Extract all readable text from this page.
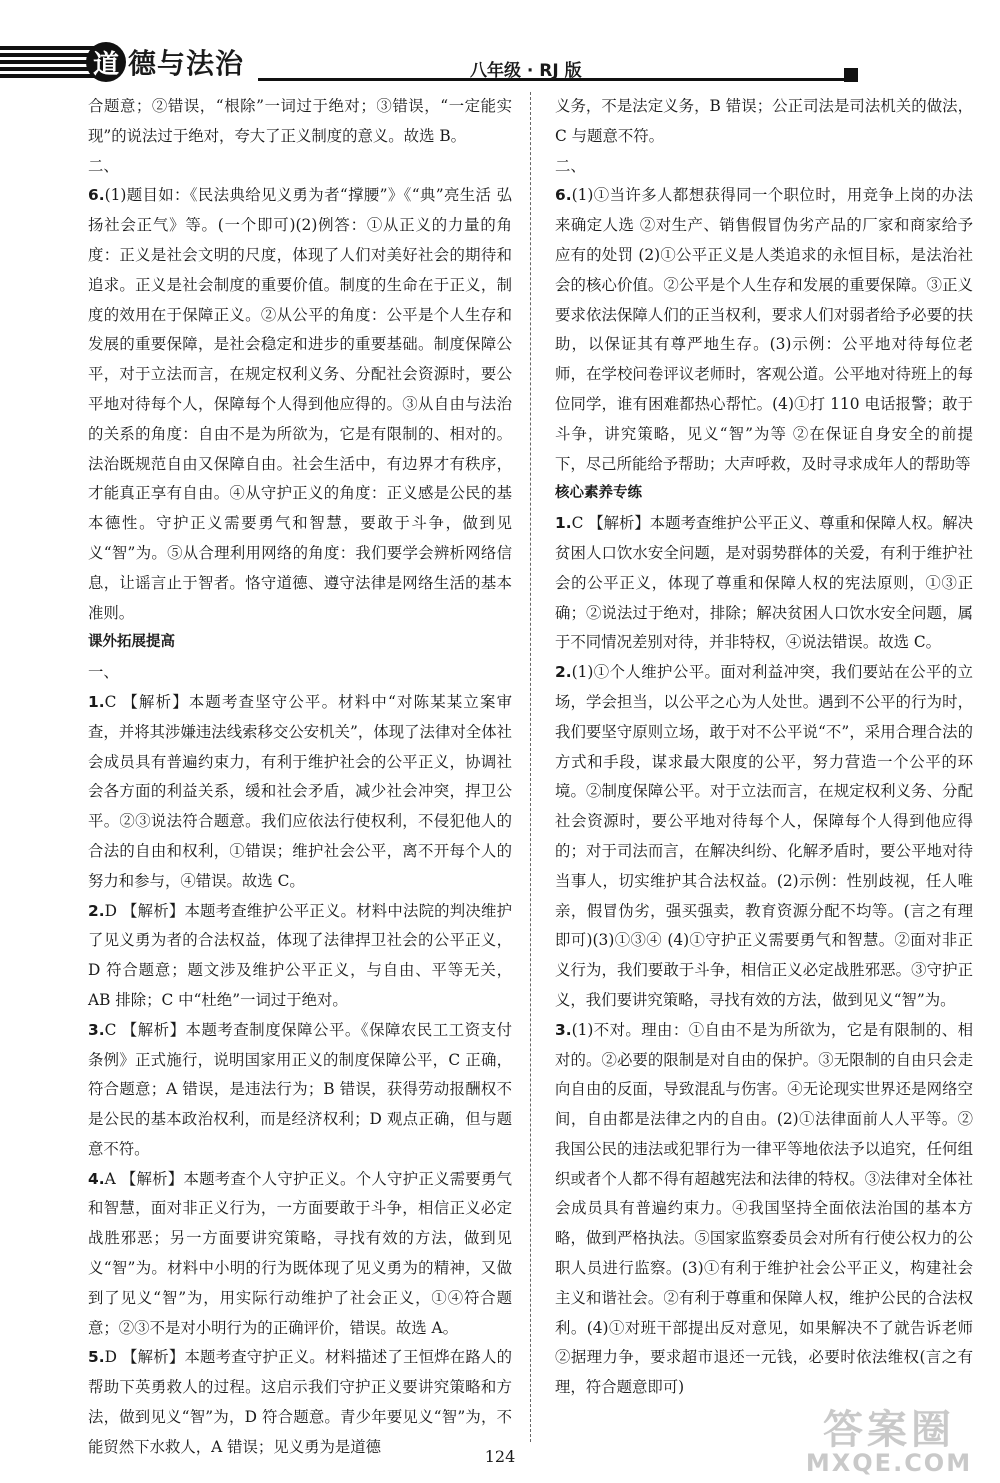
道 德与法治	八年级 · RJ 版

合题意；②错误，“根除”一词过于绝对；③错误，“一定能实现”的说法过于绝对，夸大了正义制度的意义。故选 B。

二、

6.(1)题目如：《民法典给见义勇为者“撑腰”》《“典”亮生活 弘扬社会正气》等。(一个即可)(2)例答：①从正义的力量的角度：正义是社会文明的尺度，体现了人们对美好社会的期待和追求。正义是社会制度的重要价值。制度的生命在于正义，制度的效用在于保障正义。②从公平的角度：公平是个人生存和发展的重要保障，是社会稳定和进步的重要基础。制度保障公平，对于立法而言，在规定权利义务、分配社会资源时，要公平地对待每个人，保障每个人得到他应得的。③从自由与法治的关系的角度：自由不是为所欲为，它是有限制的、相对的。法治既规范自由又保障自由。社会生活中，有边界才有秩序，才能真正享有自由。④从守护正义的角度：正义感是公民的基本德性。守护正义需要勇气和智慧，要敢于斗争，做到见义“智”为。⑤从合理利用网络的角度：我们要学会辨析网络信息，让谣言止于智者。恪守道德、遵守法律是网络生活的基本准则。

课外拓展提高

一、

1.C 【解析】本题考查坚守公平。材料中“对陈某某立案审查，并将其涉嫌违法线索移交公安机关”，体现了法律对全体社会成员具有普遍约束力，有利于维护社会的公平正义，协调社会各方面的利益关系，缓和社会矛盾，减少社会冲突，捍卫公平。②③说法符合题意。我们应依法行使权利，不侵犯他人的合法的自由和权利，①错误；维护社会公平，离不开每个人的努力和参与，④错误。故选 C。

2.D 【解析】本题考查维护公平正义。材料中法院的判决维护了见义勇为者的合法权益，体现了法律捍卫社会的公平正义，D 符合题意；题文涉及维护公平正义，与自由、平等无关，AB 排除；C 中“杜绝”一词过于绝对。

3.C 【解析】本题考查制度保障公平。《保障农民工工资支付条例》正式施行，说明国家用正义的制度保障公平，C 正确，符合题意；A 错误，是违法行为；B 错误，获得劳动报酬权不是公民的基本政治权利，而是经济权利；D 观点正确，但与题意不符。

4.A 【解析】本题考查个人守护正义。个人守护正义需要勇气和智慧，面对非正义行为，一方面要敢于斗争，相信正义必定战胜邪恶；另一方面要讲究策略，寻找有效的方法，做到见义“智”为。材料中小明的行为既体现了见义勇为的精神，又做到了见义“智”为，用实际行动维护了社会正义，①④符合题意；②③不是对小明行为的正确评价，错误。故选 A。

5.D 【解析】本题考查守护正义。材料描述了王恒烨在路人的帮助下英勇救人的过程。这启示我们守护正义要讲究策略和方法，做到见义“智”为，D 符合题意。青少年要见义“智”为，不能贸然下水救人，A 错误；见义勇为是道德

义务，不是法定义务，B 错误；公正司法是司法机关的做法，C 与题意不符。

二、

6.(1)①当许多人都想获得同一个职位时，用竞争上岗的办法来确定人选 ②对生产、销售假冒伪劣产品的厂家和商家给予应有的处罚 (2)①公平正义是人类追求的永恒目标，是法治社会的核心价值。②公平是个人生存和发展的重要保障。③正义要求依法保障人们的正当权利，要求人们对弱者给予必要的扶助，以保证其有尊严地生存。(3)示例：公平地对待每位老师，在学校问卷评议老师时，客观公道。公平地对待班上的每位同学，谁有困难都热心帮忙。(4)①打 110 电话报警；敢于斗争，讲究策略，见义“智”为等 ②在保证自身安全的前提下，尽己所能给予帮助；大声呼救，及时寻求成年人的帮助等

核心素养专练

1.C 【解析】本题考查维护公平正义、尊重和保障人权。解决贫困人口饮水安全问题，是对弱势群体的关爱，有利于维护社会的公平正义，体现了尊重和保障人权的宪法原则，①③正确；②说法过于绝对，排除；解决贫困人口饮水安全问题，属于不同情况差别对待，并非特权，④说法错误。故选 C。

2.(1)①个人维护公平。面对利益冲突，我们要站在公平的立场，学会担当，以公平之心为人处世。遇到不公平的行为时，我们要坚守原则立场，敢于对不公平说“不”，采用合理合法的方式和手段，谋求最大限度的公平，努力营造一个公平的环境。②制度保障公平。对于立法而言，在规定权利义务、分配社会资源时，要公平地对待每个人，保障每个人得到他应得的；对于司法而言，在解决纠纷、化解矛盾时，要公平地对待当事人，切实维护其合法权益。(2)示例：性别歧视，任人唯亲，假冒伪劣，强买强卖，教育资源分配不均等。(言之有理即可)(3)①③④ (4)①守护正义需要勇气和智慧。②面对非正义行为，我们要敢于斗争，相信正义必定战胜邪恶。③守护正义，我们要讲究策略，寻找有效的方法，做到见义“智”为。

3.(1)不对。理由：①自由不是为所欲为，它是有限制的、相对的。②必要的限制是对自由的保护。③无限制的自由只会走向自由的反面，导致混乱与伤害。④无论现实世界还是网络空间，自由都是法律之内的自由。(2)①法律面前人人平等。②我国公民的违法或犯罪行为一律平等地依法予以追究，任何组织或者个人都不得有超越宪法和法律的特权。③法律对全体社会成员具有普遍约束力。④我国坚持全面依法治国的基本方略，做到严格执法。⑤国家监察委员会对所有行使公权力的公职人员进行监察。(3)①有利于维护社会公平正义，构建社会主义和谐社会。②有利于尊重和保障人权，维护公民的合法权利。(4)①对班干部提出反对意见，如果解决不了就告诉老师 ②据理力争，要求超市退还一元钱，必要时依法维权(言之有理，符合题意即可)

124
答案圈
MXQE.COM
